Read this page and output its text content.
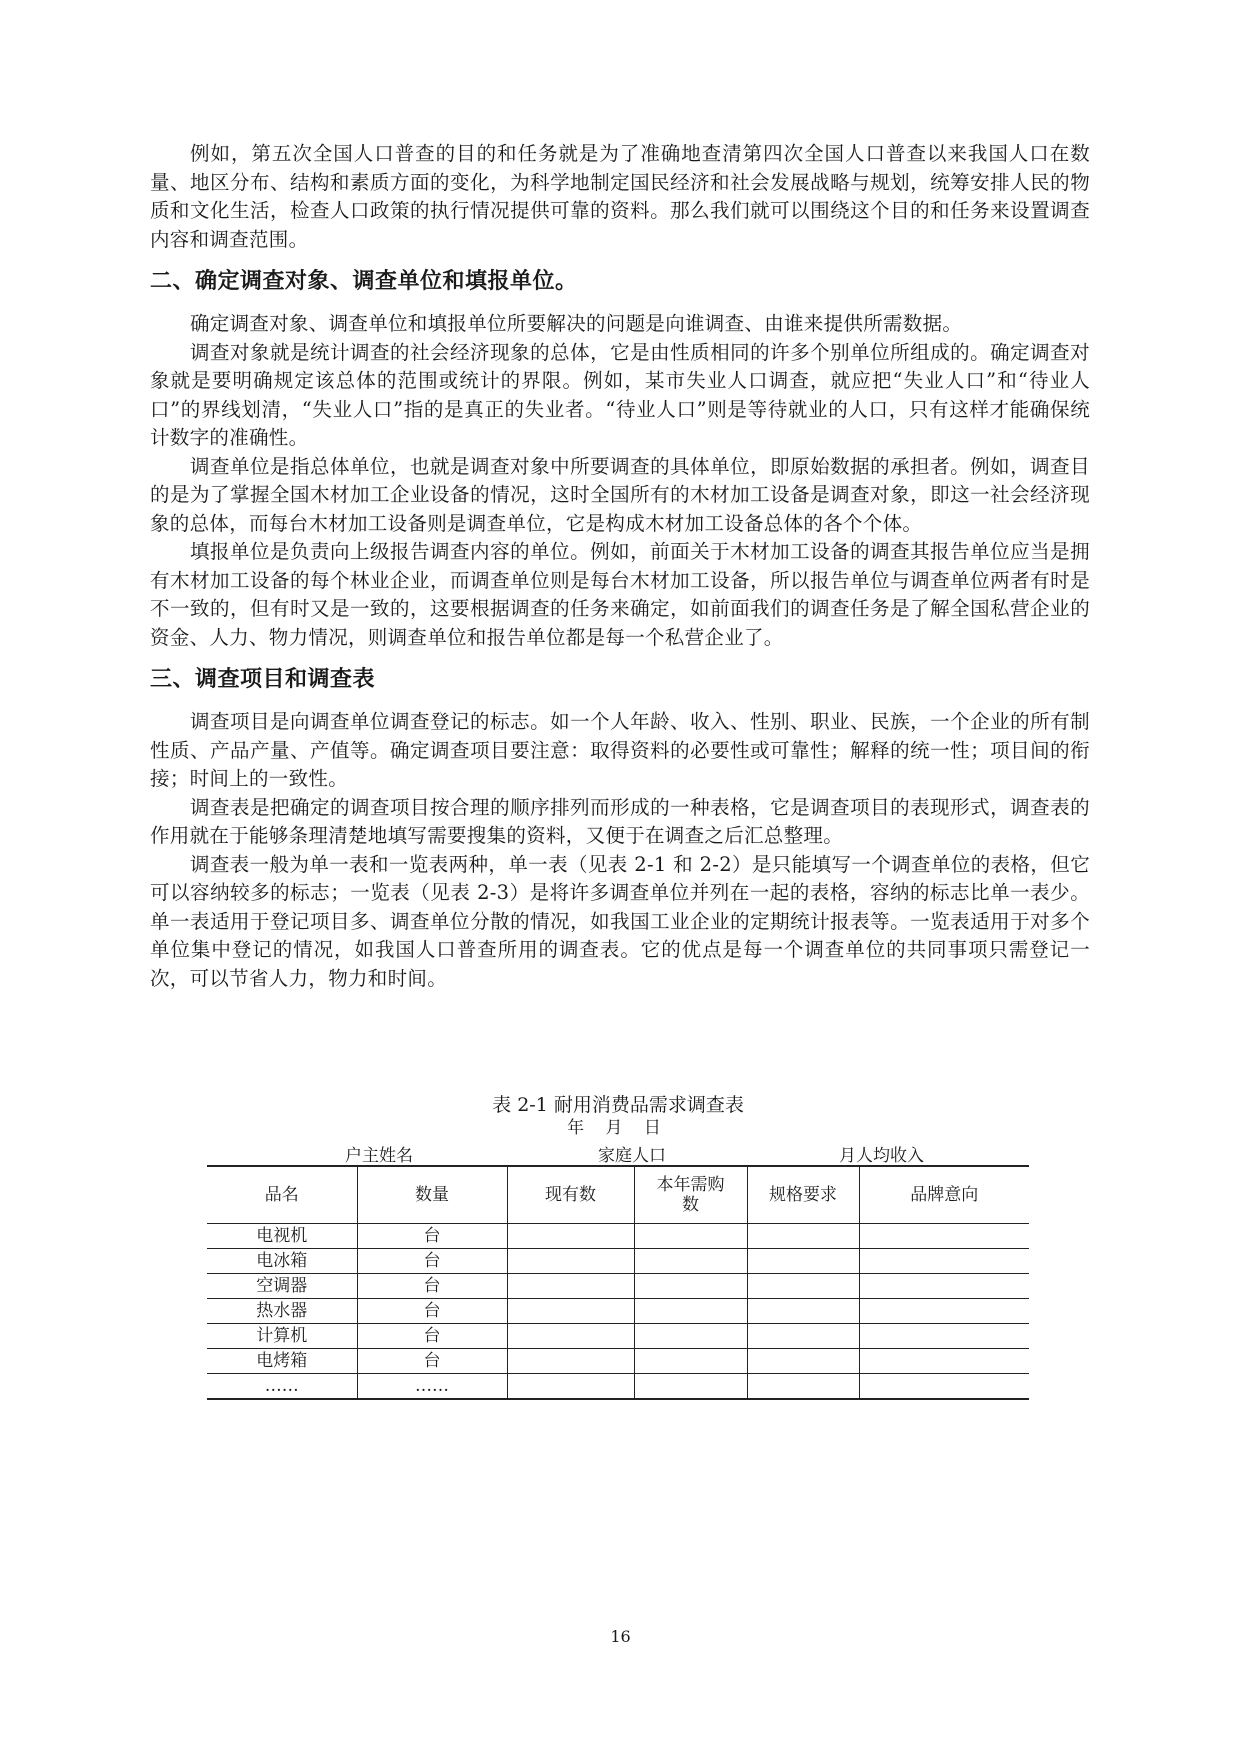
例如，第五次全国人口普查的目的和任务就是为了准确地查清第四次全国人口普查以来我国人口在数量、地区分布、结构和素质方面的变化，为科学地制定国民经济和社会发展战略与规划，统筹安排人民的物质和文化生活，检查人口政策的执行情况提供可靠的资料。那么我们就可以围绕这个目的和任务来设置调查内容和调查范围。

二、确定调查对象、调查单位和填报单位。

确定调查对象、调查单位和填报单位所要解决的问题是向谁调查、由谁来提供所需数据。

调查对象就是统计调查的社会经济现象的总体，它是由性质相同的许多个别单位所组成的。确定调查对象就是要明确规定该总体的范围或统计的界限。例如，某市失业人口调查，就应把“失业人口”和“待业人口”的界线划清，“失业人口”指的是真正的失业者。“待业人口”则是等待就业的人口，只有这样才能确保统计数字的准确性。

调查单位是指总体单位，也就是调查对象中所要调查的具体单位，即原始数据的承担者。例如，调查目的是为了掌握全国木材加工企业设备的情况，这时全国所有的木材加工设备是调查对象，即这一社会经济现象的总体，而每台木材加工设备则是调查单位，它是构成木材加工设备总体的各个个体。

填报单位是负责向上级报告调查内容的单位。例如，前面关于木材加工设备的调查其报告单位应当是拥有木材加工设备的每个林业企业，而调查单位则是每台木材加工设备，所以报告单位与调查单位两者有时是不一致的，但有时又是一致的，这要根据调查的任务来确定，如前面我们的调查任务是了解全国私营企业的资金、人力、物力情况，则调查单位和报告单位都是每一个私营企业了。

三、调查项目和调查表

调查项目是向调查单位调查登记的标志。如一个人年龄、收入、性别、职业、民族，一个企业的所有制性质、产品产量、产值等。确定调查项目要注意：取得资料的必要性或可靠性；解释的统一性；项目间的衔接；时间上的一致性。

调查表是把确定的调查项目按合理的顺序排列而形成的一种表格，它是调查项目的表现形式，调查表的作用就在于能够条理清楚地填写需要搜集的资料，又便于在调查之后汇总整理。

调查表一般为单一表和一览表两种，单一表（见表 2-1 和 2-2）是只能填写一个调查单位的表格，但它可以容纳较多的标志；一览表（见表 2-3）是将许多调查单位并列在一起的表格，容纳的标志比单一表少。单一表适用于登记项目多、调查单位分散的情况，如我国工业企业的定期统计报表等。一览表适用于对多个单位集中登记的情况，如我国人口普查所用的调查表。它的优点是每一个调查单位的共同事项只需登记一次，可以节省人力，物力和时间。

表 2-1 耐用消费品需求调查表
年 月 日
户主姓名	家庭人口	月人均收入
品名	数量	现有数	本年需购数	规格要求	品牌意向
电视机	台				
电冰箱	台				
空调器	台				
热水器	台				
计算机	台				
电烤箱	台				
……	……				
16
